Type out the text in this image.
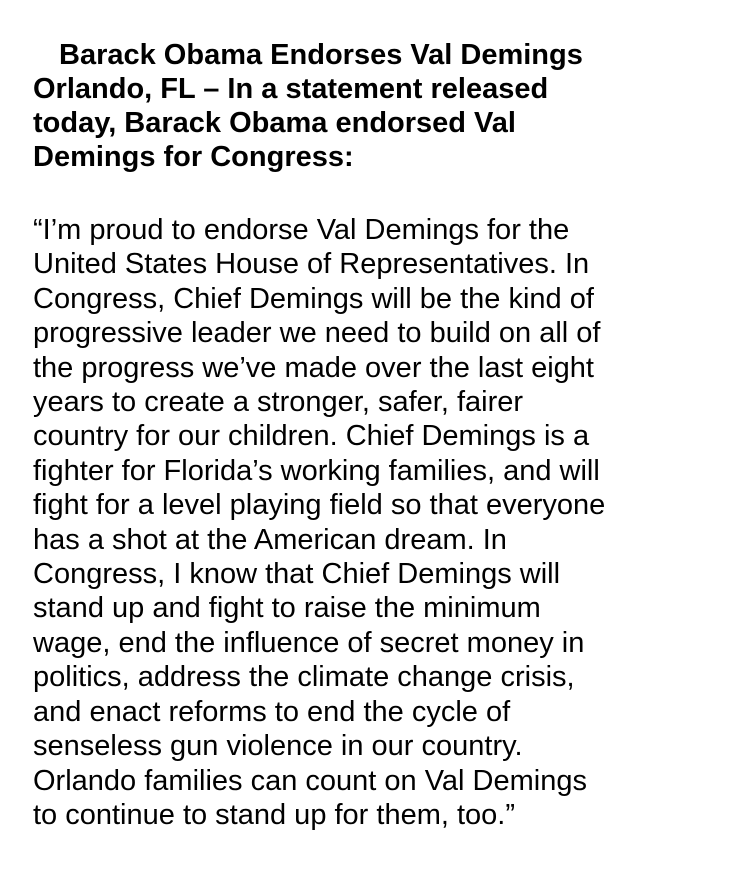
Barack Obama Endorses Val Demings

Orlando, FL – In a statement released
today, Barack Obama endorsed Val
Demings for Congress:

“I’m proud to endorse Val Demings for the
United States House of Representatives. In
Congress, Chief Demings will be the kind of
progressive leader we need to build on all of
the progress we’ve made over the last eight
years to create a stronger, safer, fairer
country for our children. Chief Demings is a
fighter for Florida’s working families, and will
fight for a level playing field so that everyone
has a shot at the American dream. In
Congress, I know that Chief Demings will
stand up and fight to raise the minimum
wage, end the influence of secret money in
politics, address the climate change crisis,
and enact reforms to end the cycle of
senseless gun violence in our country.
Orlando families can count on Val Demings
to continue to stand up for them, too.”
